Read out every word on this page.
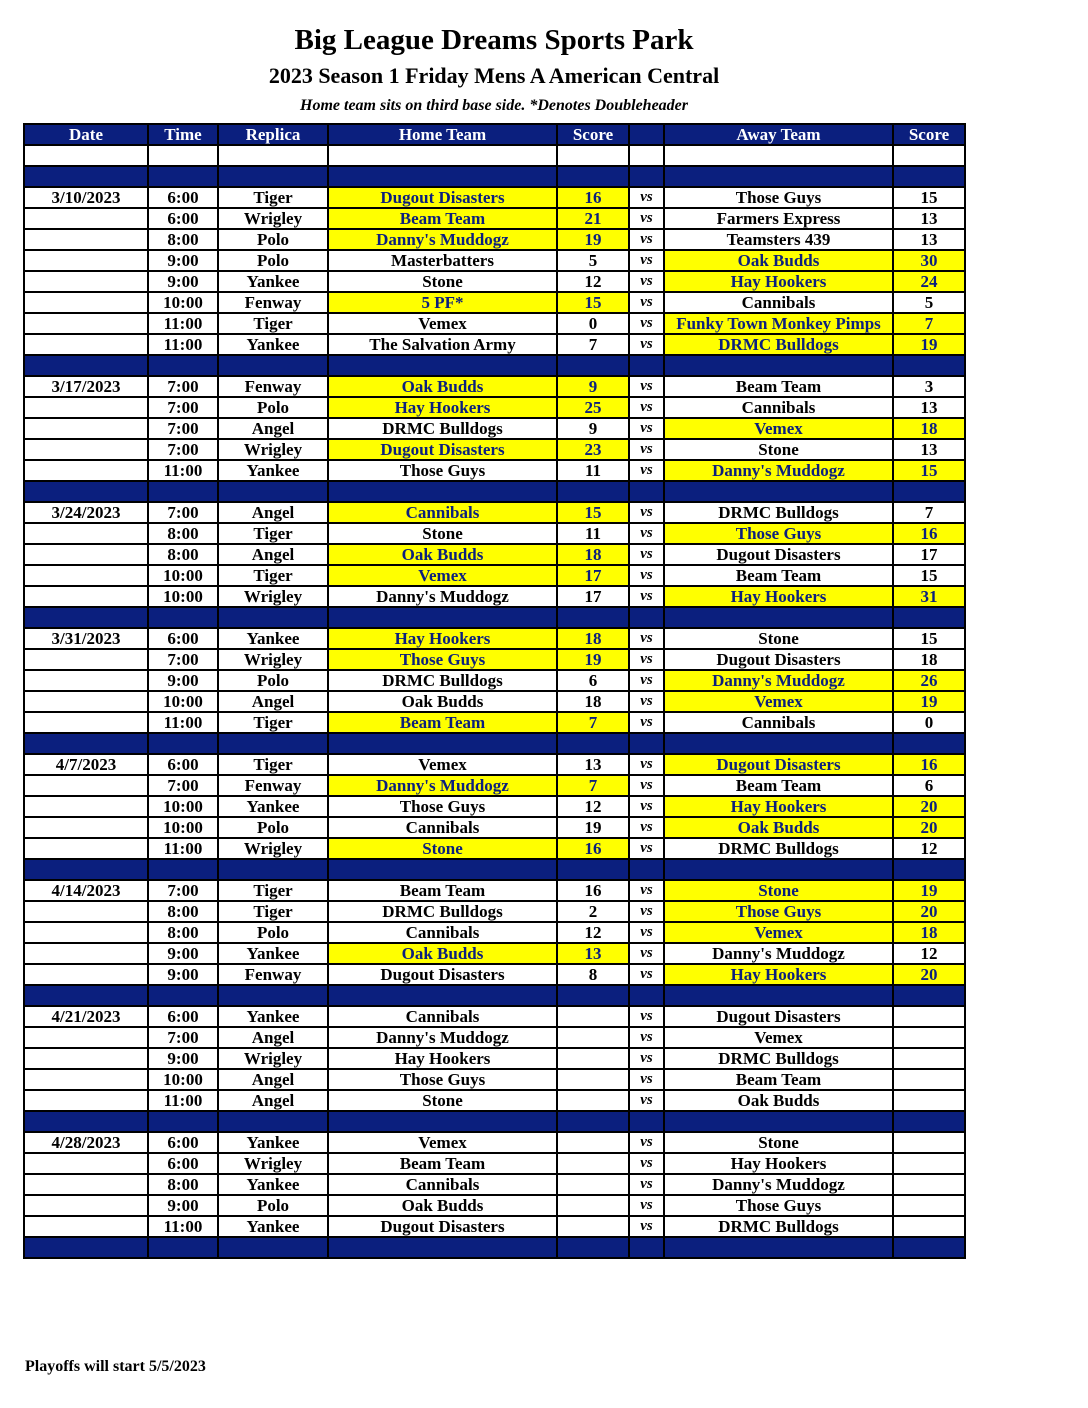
Big League Dreams Sports Park
2023 Season 1 Friday Mens A American Central
Home team sits on third base side. *Denotes Doubleheader
Date	Time	Replica	Home Team	Score		Away Team	Score

3/10/2023	6:00	Tiger	Dugout Disasters	16	vs	Those Guys	15
	6:00	Wrigley	Beam Team	21	vs	Farmers Express	13
	8:00	Polo	Danny's Muddogz	19	vs	Teamsters 439	13
	9:00	Polo	Masterbatters	5	vs	Oak Budds	30
	9:00	Yankee	Stone	12	vs	Hay Hookers	24
	10:00	Fenway	5 PF*	15	vs	Cannibals	5
	11:00	Tiger	Vemex	0	vs	Funky Town Monkey Pimps	7
	11:00	Yankee	The Salvation Army	7	vs	DRMC Bulldogs	19

3/17/2023	7:00	Fenway	Oak Budds	9	vs	Beam Team	3
	7:00	Polo	Hay Hookers	25	vs	Cannibals	13
	7:00	Angel	DRMC Bulldogs	9	vs	Vemex	18
	7:00	Wrigley	Dugout Disasters	23	vs	Stone	13
	11:00	Yankee	Those Guys	11	vs	Danny's Muddogz	15

3/24/2023	7:00	Angel	Cannibals	15	vs	DRMC Bulldogs	7
	8:00	Tiger	Stone	11	vs	Those Guys	16
	8:00	Angel	Oak Budds	18	vs	Dugout Disasters	17
	10:00	Tiger	Vemex	17	vs	Beam Team	15
	10:00	Wrigley	Danny's Muddogz	17	vs	Hay Hookers	31

3/31/2023	6:00	Yankee	Hay Hookers	18	vs	Stone	15
	7:00	Wrigley	Those Guys	19	vs	Dugout Disasters	18
	9:00	Polo	DRMC Bulldogs	6	vs	Danny's Muddogz	26
	10:00	Angel	Oak Budds	18	vs	Vemex	19
	11:00	Tiger	Beam Team	7	vs	Cannibals	0

4/7/2023	6:00	Tiger	Vemex	13	vs	Dugout Disasters	16
	7:00	Fenway	Danny's Muddogz	7	vs	Beam Team	6
	10:00	Yankee	Those Guys	12	vs	Hay Hookers	20
	10:00	Polo	Cannibals	19	vs	Oak Budds	20
	11:00	Wrigley	Stone	16	vs	DRMC Bulldogs	12

4/14/2023	7:00	Tiger	Beam Team	16	vs	Stone	19
	8:00	Tiger	DRMC Bulldogs	2	vs	Those Guys	20
	8:00	Polo	Cannibals	12	vs	Vemex	18
	9:00	Yankee	Oak Budds	13	vs	Danny's Muddogz	12
	9:00	Fenway	Dugout Disasters	8	vs	Hay Hookers	20

4/21/2023	6:00	Yankee	Cannibals		vs	Dugout Disasters	
	7:00	Angel	Danny's Muddogz		vs	Vemex	
	9:00	Wrigley	Hay Hookers		vs	DRMC Bulldogs	
	10:00	Angel	Those Guys		vs	Beam Team	
	11:00	Angel	Stone		vs	Oak Budds	

4/28/2023	6:00	Yankee	Vemex		vs	Stone	
	6:00	Wrigley	Beam Team		vs	Hay Hookers	
	8:00	Yankee	Cannibals		vs	Danny's Muddogz	
	9:00	Polo	Oak Budds		vs	Those Guys	
	11:00	Yankee	Dugout Disasters		vs	DRMC Bulldogs	

Playoffs will start 5/5/2023
